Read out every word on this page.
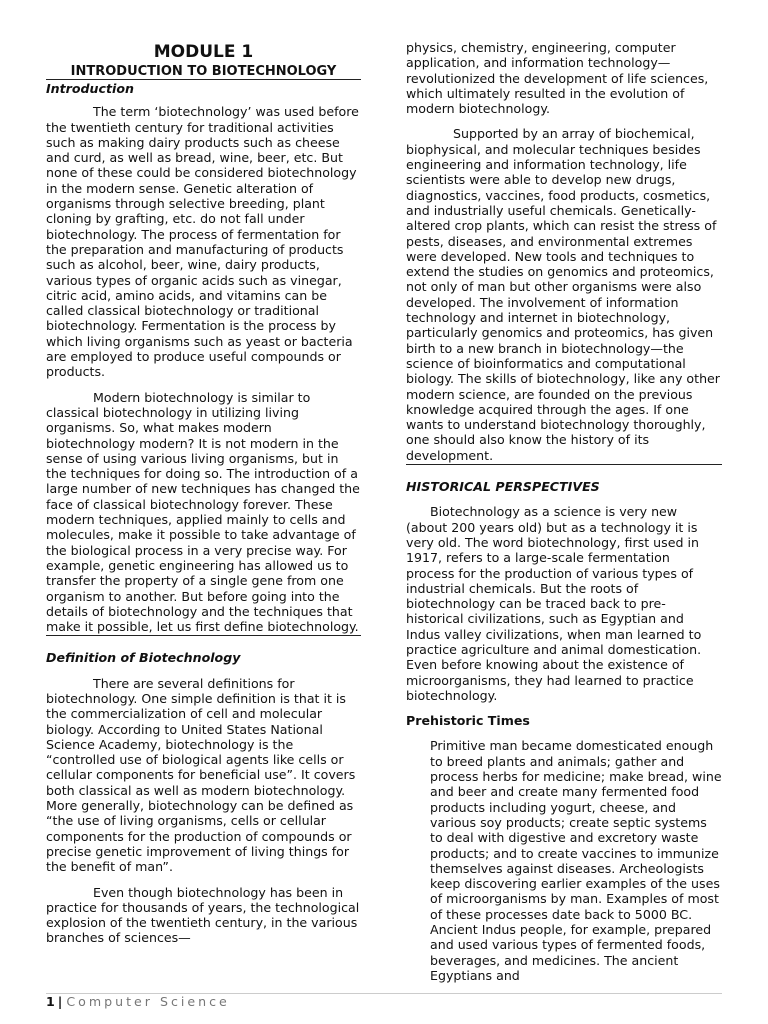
MODULE 1
INTRODUCTION TO BIOTECHNOLOGY
Introduction

The term ‘biotechnology’ was used before the twentieth century for traditional activities such as making dairy products such as cheese and curd, as well as bread, wine, beer, etc. But none of these could be considered biotechnology in the modern sense. Genetic alteration of organisms through selective breeding, plant cloning by grafting, etc. do not fall under biotechnology. The process of fermentation for the preparation and manufacturing of products such as alcohol, beer, wine, dairy products, various types of organic acids such as vinegar, citric acid, amino acids, and vitamins can be called classical biotechnology or traditional biotechnology. Fermentation is the process by which living organisms such as yeast or bacteria are employed to produce useful compounds or products.

Modern biotechnology is similar to classical biotechnology in utilizing living organisms. So, what makes modern biotechnology modern? It is not modern in the sense of using various living organisms, but in the techniques for doing so. The introduction of a large number of new techniques has changed the face of classical biotechnology forever. These modern techniques, applied mainly to cells and molecules, make it possible to take advantage of the biological process in a very precise way. For example, genetic engineering has allowed us to transfer the property of a single gene from one organism to another. But before going into the details of biotechnology and the techniques that make it possible, let us first define biotechnology.

Definition of Biotechnology

There are several definitions for biotechnology. One simple definition is that it is the commercialization of cell and molecular biology. According to United States National Science Academy, biotechnology is the “controlled use of biological agents like cells or cellular components for beneficial use”. It covers both classical as well as modern biotechnology. More generally, biotechnology can be defined as “the use of living organisms, cells or cellular components for the production of compounds or precise genetic improvement of living things for the benefit of man”.

Even though biotechnology has been in practice for thousands of years, the technological explosion of the twentieth century, in the various branches of sciences—

physics, chemistry, engineering, computer application, and information technology—revolutionized the development of life sciences, which ultimately resulted in the evolution of modern biotechnology.

Supported by an array of biochemical, biophysical, and molecular techniques besides engineering and information technology, life scientists were able to develop new drugs, diagnostics, vaccines, food products, cosmetics, and industrially useful chemicals. Genetically-altered crop plants, which can resist the stress of pests, diseases, and environmental extremes were developed. New tools and techniques to extend the studies on genomics and proteomics, not only of man but other organisms were also developed. The involvement of information technology and internet in biotechnology, particularly genomics and proteomics, has given birth to a new branch in biotechnology—the science of bioinformatics and computational biology. The skills of biotechnology, like any other modern science, are founded on the previous knowledge acquired through the ages. If one wants to understand biotechnology thoroughly, one should also know the history of its development.

HISTORICAL PERSPECTIVES

Biotechnology as a science is very new (about 200 years old) but as a technology it is very old. The word biotechnology, first used in 1917, refers to a large-scale fermentation process for the production of various types of industrial chemicals. But the roots of biotechnology can be traced back to pre-historical civilizations, such as Egyptian and Indus valley civilizations, when man learned to practice agriculture and animal domestication. Even before knowing about the existence of microorganisms, they had learned to practice biotechnology.

Prehistoric Times

Primitive man became domesticated enough to breed plants and animals; gather and process herbs for medicine; make bread, wine and beer and create many fermented food products including yogurt, cheese, and various soy products; create septic systems to deal with digestive and excretory waste products; and to create vaccines to immunize themselves against diseases. Archeologists keep discovering earlier examples of the uses of microorganisms by man. Examples of most of these processes date back to 5000 BC. Ancient Indus people, for example, prepared and used various types of fermented foods, beverages, and medicines. The ancient Egyptians and

1 | Computer Science
